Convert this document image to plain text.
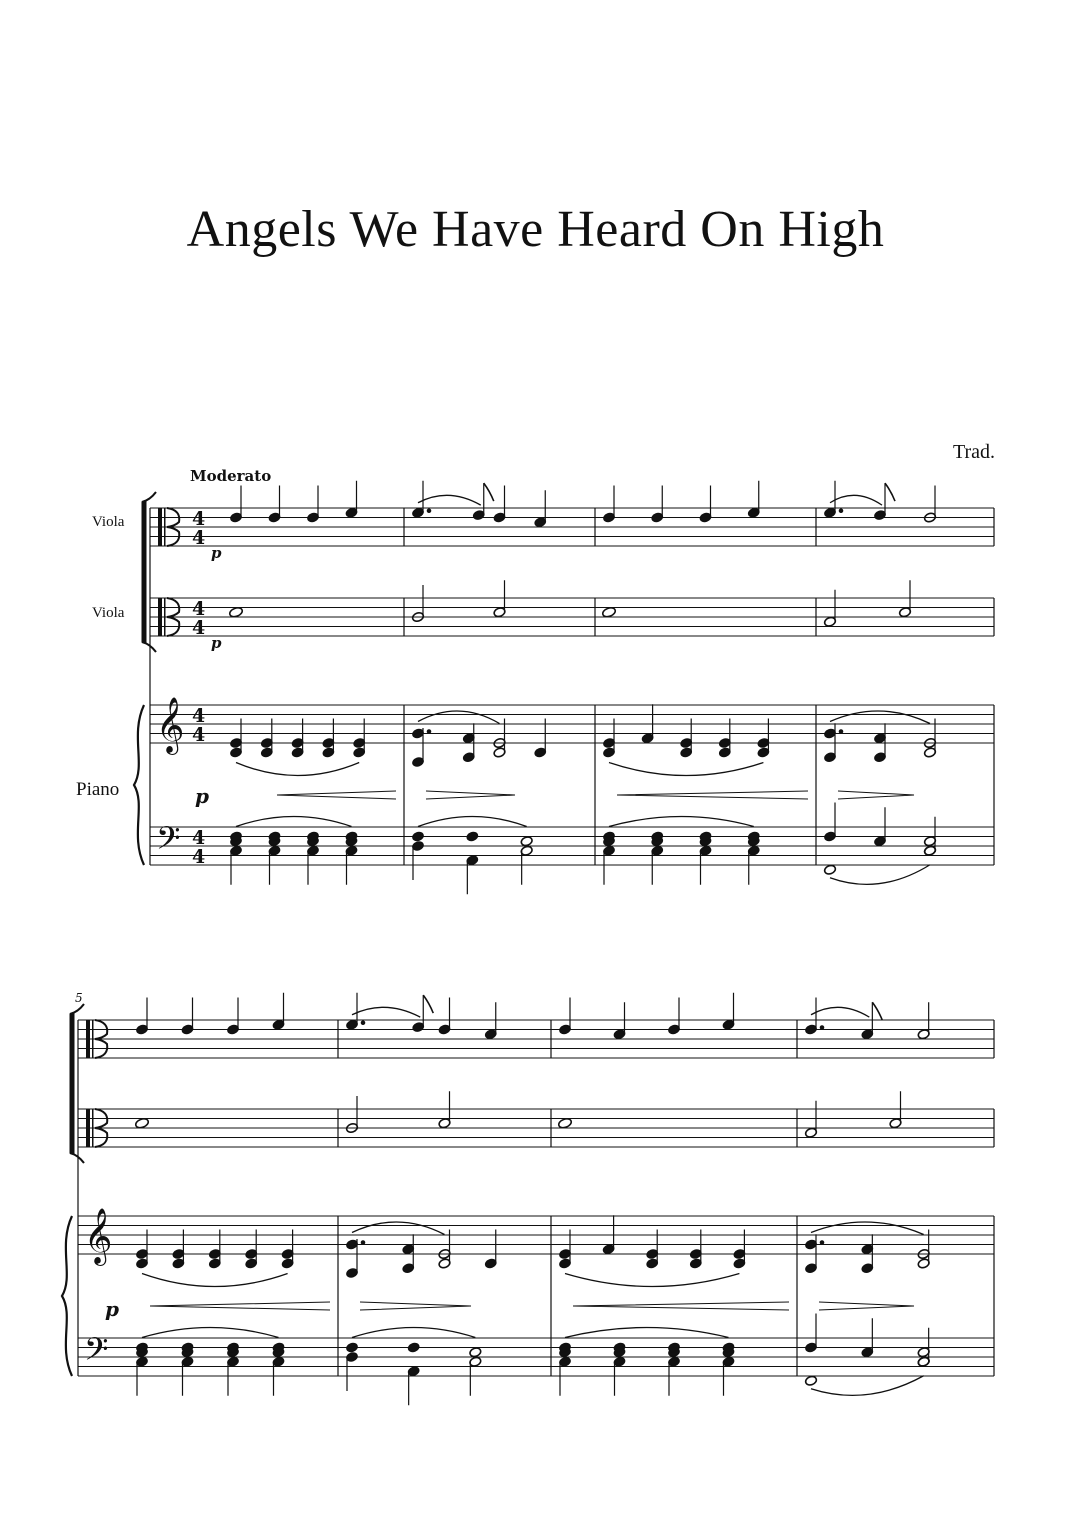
Angels We Have Heard On High
Trad.
Moderato
Viola
Viola
Piano
𝄞
𝄢
𝄞
𝄢
4
4
4
4
4
4
4
4
5
p
p
p
p
